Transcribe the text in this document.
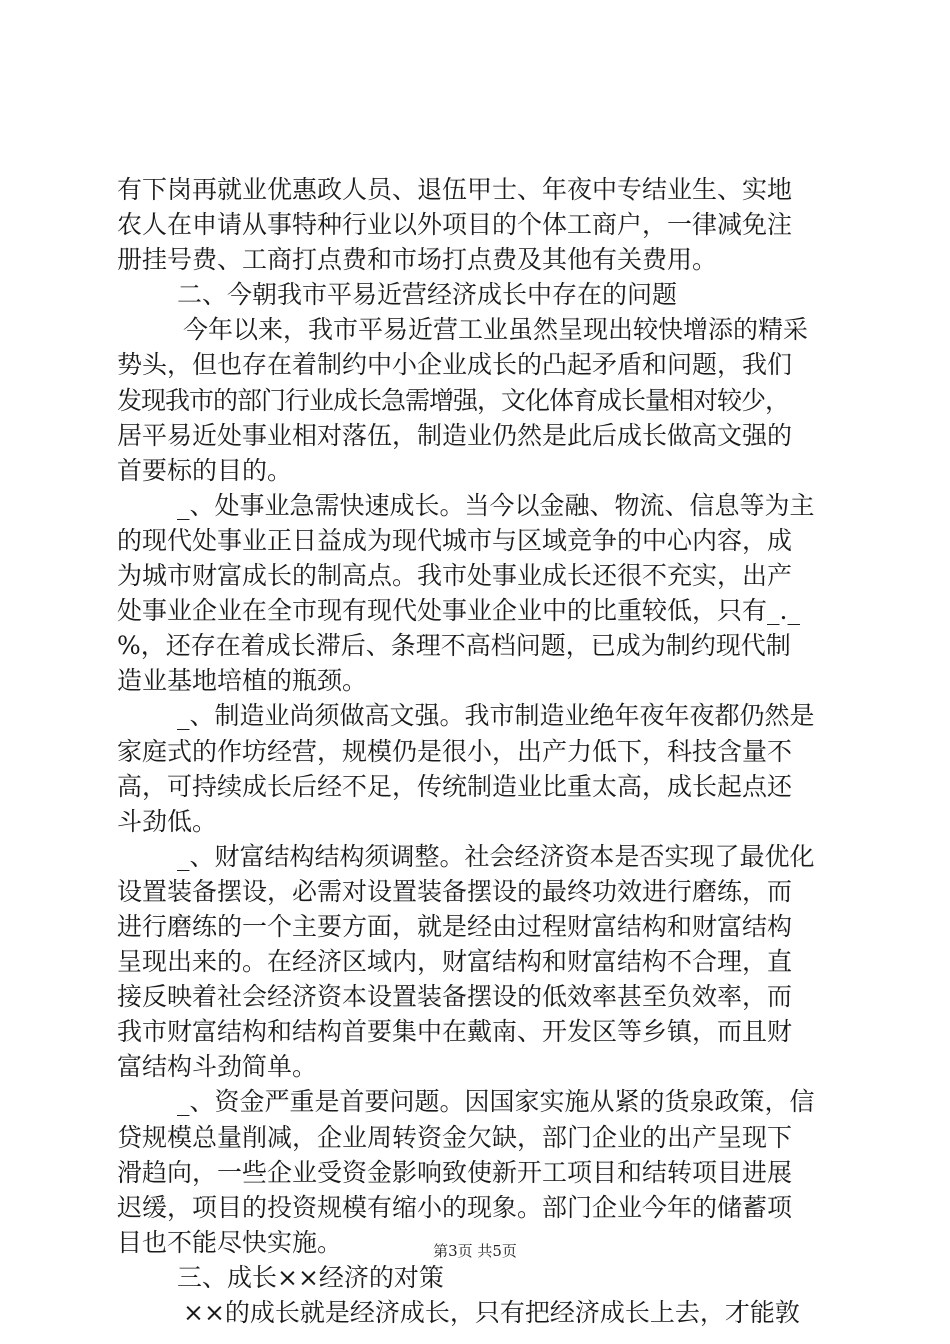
有下岗再就业优惠政人员、退伍甲士、年夜中专结业生、实地
农人在申请从事特种行业以外项目的个体工商户，一律减免注
册挂号费、工商打点费和市场打点费及其他有关费用。
二、今朝我市平易近营经济成长中存在的问题
今年以来，我市平易近营工业虽然呈现出较快增添的精采
势头，但也存在着制约中小企业成长的凸起矛盾和问题，我们
发现我市的部门行业成长急需增强，文化体育成长量相对较少，
居平易近处事业相对落伍，制造业仍然是此后成长做高文强的
首要标的目的。
_、处事业急需快速成长。当今以金融、物流、信息等为主
的现代处事业正日益成为现代城市与区域竞争的中心内容，成
为城市财富成长的制高点。我市处事业成长还很不充实，出产
处事业企业在全市现有现代处事业企业中的比重较低，只有_._
%，还存在着成长滞后、条理不高档问题，已成为制约现代制
造业基地培植的瓶颈。
_、制造业尚须做高文强。我市制造业绝年夜年夜都仍然是
家庭式的作坊经营，规模仍是很小，出产力低下，科技含量不
高，可持续成长后经不足，传统制造业比重太高，成长起点还
斗劲低。
_、财富结构结构须调整。社会经济资本是否实现了最优化
设置装备摆设，必需对设置装备摆设的最终功效进行磨练，而
进行磨练的一个主要方面，就是经由过程财富结构和财富结构
呈现出来的。在经济区域内，财富结构和财富结构不合理，直
接反映着社会经济资本设置装备摆设的低效率甚至负效率，而
我市财富结构和结构首要集中在戴南、开发区等乡镇，而且财
富结构斗劲简单。
_、资金严重是首要问题。因国家实施从紧的货泉政策，信
贷规模总量削减，企业周转资金欠缺，部门企业的出产呈现下
滑趋向，一些企业受资金影响致使新开工项目和结转项目进展
迟缓，项目的投资规模有缩小的现象。部门企业今年的储蓄项
目也不能尽快实施。
三、成长××经济的对策
××的成长就是经济成长，只有把经济成长上去，才能敦
第3页 共5页
